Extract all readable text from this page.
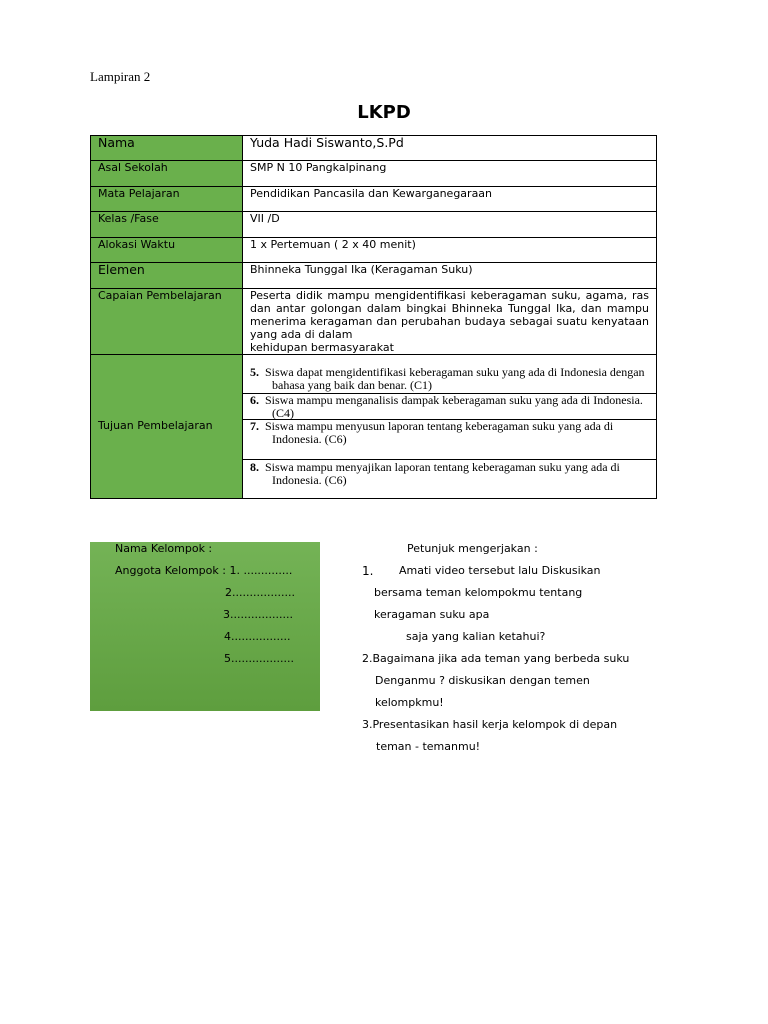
Lampiran 2
LKPD
Nama	Yuda Hadi Siswanto,S.Pd
Asal Sekolah	SMP N 10 Pangkalpinang
Mata Pelajaran	Pendidikan Pancasila dan Kewarganegaraan
Kelas /Fase	VII /D
Alokasi Waktu	1 x Pertemuan ( 2 x 40 menit)
Elemen	Bhinneka Tunggal Ika (Keragaman Suku)
Capaian Pembelajaran	Peserta didik mampu mengidentifikasi keberagaman suku, agama, ras dan antar golongan dalam bingkai Bhinneka Tunggal Ika, dan mampu menerima keragaman dan perubahan budaya sebagai suatu kenyataan yang ada di dalam
kehidupan bermasyarakat

Tujuan Pembelajaran	5. Siswa dapat mengidentifikasi keberagaman suku yang ada di Indonesia dengan bahasa yang baik dan benar. (C1)

	6. Siswa mampu menganalisis dampak keberagaman suku yang ada di Indonesia. (C4)

	7. Siswa mampu menyusun laporan tentang keberagaman suku yang ada di Indonesia. (C6)

	8. Siswa mampu menyajikan laporan tentang keberagaman suku yang ada di Indonesia. (C6)
Nama Kelompok :
Anggota Kelompok : 1. ..............
2..................
3..................
4.................
5..................
Petunjuk mengerjakan :
1. Amati video tersebut lalu Diskusikan
bersama teman kelompokmu tentang
keragaman suku apa
saja yang kalian ketahui?
2.Bagaimana jika ada teman yang berbeda suku
Denganmu ? diskusikan dengan temen
kelompkmu!
3.Presentasikan hasil kerja kelompok di depan
teman - temanmu!
